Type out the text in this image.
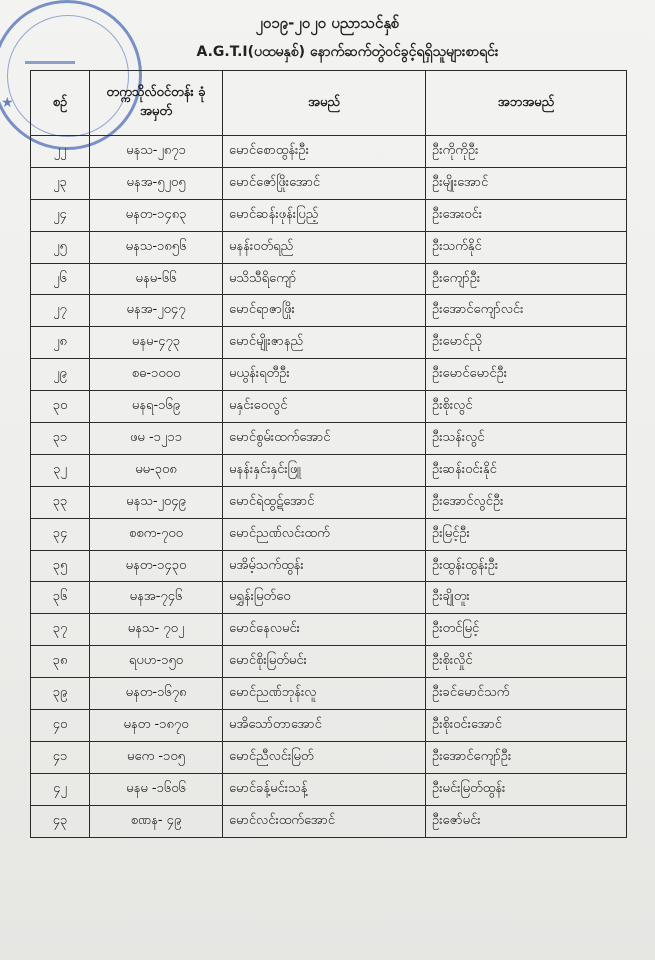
★
၂၀၁၉-၂၀၂၀ ပညာသင်နှစ်
A.G.T.I(ပထမနှစ်) နောက်ဆက်တွဲဝင်ခွင့်ရရှိသူများစာရင်း
စဉ်	တက္ကသိုလ်ဝင်တန်း ခုံအမှတ်	အမည်	အဘအမည်
၂၂	မနသ-၂၈၇၁	မောင်စောထွန်းဦး	ဦးကိုကိုဦး
၂၃	မနအ-၅၂၀၅	မောင်ဇော်ဖြိုးအောင်	ဦးမျိုးအောင်
၂၄	မနတ-၁၄၈၃	မောင်ဆန်းဖုန်းပြည့်	ဦးအေးဝင်း
၂၅	မနသ-၁၈၅၆	မနန်းဝတ်ရည်	ဦးသက်နိုင်
၂၆	မနမ-၆၆	မသိသီရိကျော်	ဦးကျော်ဦး
၂၇	မနအ-၂၀၄၇	မောင်ရာဇာဖြိုး	ဦးအောင်ကျော်လင်း
၂၈	မနမ-၄၇၃	မောင်မျိုးဇာနည်	ဦးမောင်ညို
၂၉	စဓ-၁၀၀၀	မယွန်းရတီဦး	ဦးမောင်မောင်ဦး
၃၀	မနရ-၁၆၉	မနှင်းဝေလွင်	ဦးစိုးလွင်
၃၁	ဖမ -၁၂၁၁	မောင်စွမ်းထက်အောင်	ဦးသန်းလွင်
၃၂	မမ-၃၀၈	မနန်းနှင်းနှင်းဖြူ	ဦးဆန်းဝင်းနိုင်
၃၃	မနသ-၂၀၄၉	မောင်ရဲထွဋ်အောင်	ဦးအောင်လွင်ဦး
၃၄	စစက-၇၀၀	မောင်ညဏ်လင်းထက်	ဦးမြင့်ဦး
၃၅	မနတ-၁၄၃၀	မအိမ့်သက်ထွန်း	ဦးထွန်းထွန်းဦး
၃၆	မနအ-၇၄၆	မရွှန်းမြတ်ဝေ	ဦးချိုတူး
၃၇	မနသ- ၇၀၂	မောင်နေလမင်း	ဦးတင်မြင့်
၃၈	ရပဟ-၁၅၀	မောင်စိုးမြတ်မင်း	ဦးစိုးလှိုင်
၃၉	မနတ-၁၆၇၈	မောင်ညဏ်ဘုန်းလူ	ဦးခင်မောင်သက်
၄၀	မနတ -၁၈၇၀	မအိသော်တာအောင်	ဦးစိုးဝင်းအောင်
၄၁	မကေ -၁၀၅	မောင်ညီလင်းမြတ်	ဦးအောင်ကျော်ဦး
၄၂	မနမ -၁၆၀၆	မောင်ခန့်မင်းသန့်	ဦးမင်းမြတ်ထွန်း
၄၃	စဏန- ၄၉	မောင်လင်းထက်အောင်	ဦးဇော်မင်း
